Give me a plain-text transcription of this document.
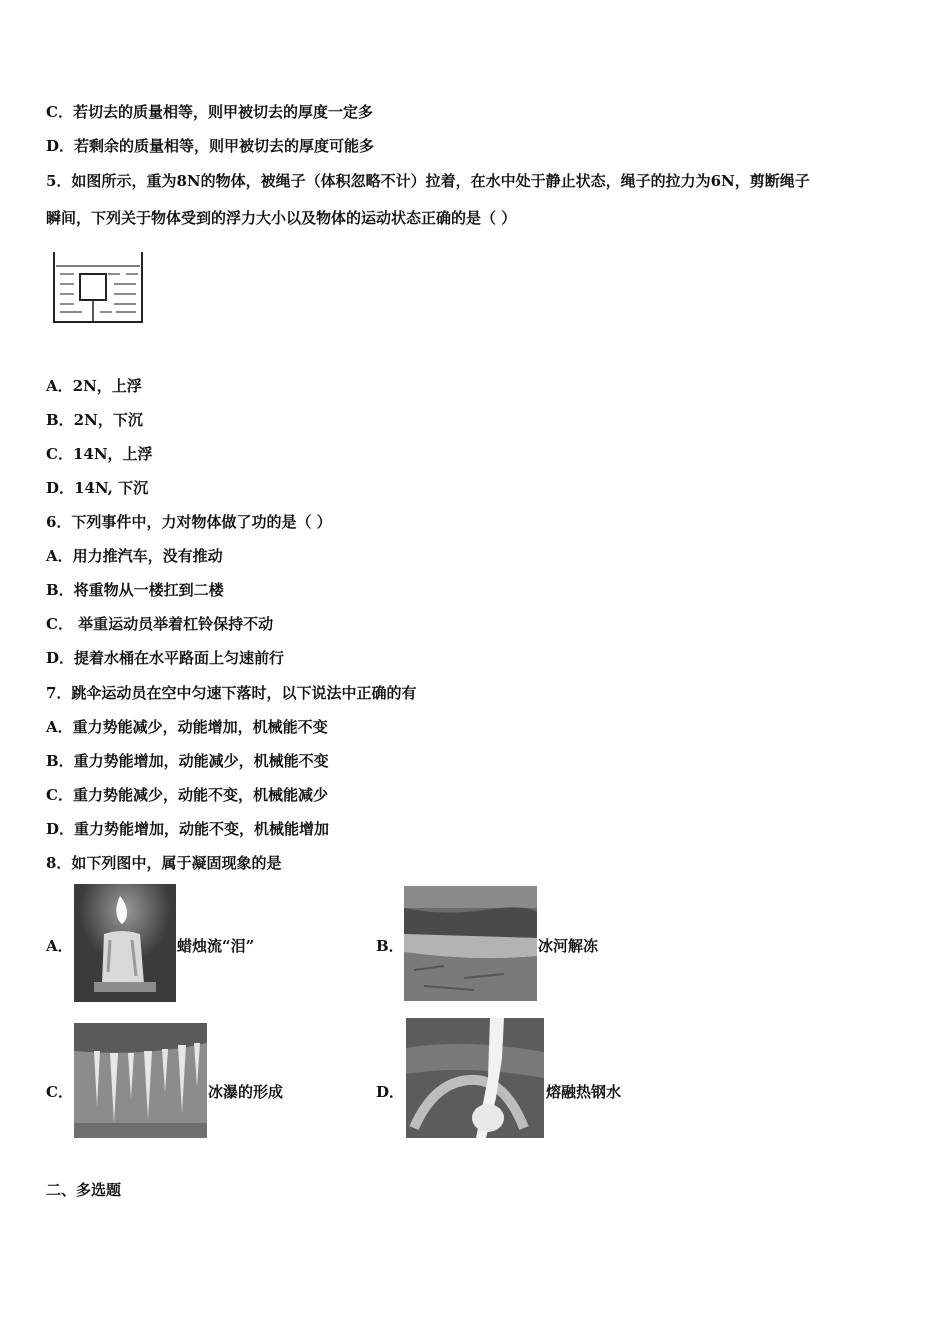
C．若切去的质量相等，则甲被切去的厚度一定多
D．若剩余的质量相等，则甲被切去的厚度可能多
5．如图所示，重为8N的物体，被绳子（体积忽略不计）拉着，在水中处于静止状态，绳子的拉力为6N，剪断绳子
瞬间，下列关于物体受到的浮力大小以及物体的运动状态正确的是（ ）
A．2N，上浮
B．2N，下沉
C．14N，上浮
D．14N, 下沉
6．下列事件中，力对物体做了功的是（ ）
A．用力推汽车，没有推动
B．将重物从一楼扛到二楼
C． 举重运动员举着杠铃保持不动
D．提着水桶在水平路面上匀速前行
7．跳伞运动员在空中匀速下落时，以下说法中正确的有
A．重力势能减少，动能增加，机械能不变
B．重力势能增加，动能减少，机械能不变
C．重力势能减少，动能不变，机械能减少
D．重力势能增加，动能不变，机械能增加
8．如下列图中，属于凝固现象的是
A．	蜡烛流“泪”	B．	冰河解冻
C．	冰瀑的形成	D．	熔融热钢水
二、多选题
